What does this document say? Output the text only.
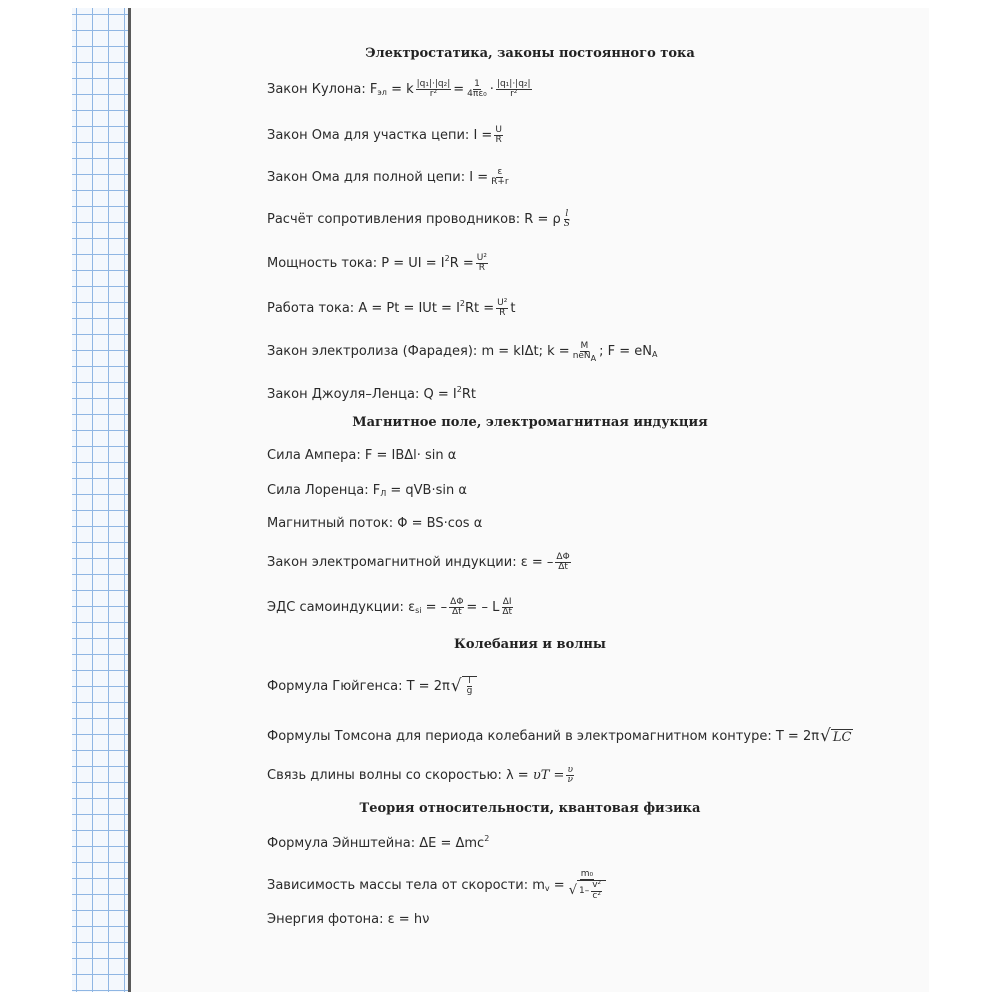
Электростатика, законы постоянного тока
Закон Кулона:
F эл
= k $\frac{\text{|q₁|·|q₂|}}{\text{r²}} = \frac{1}{\text{4πε₀}} \cdot \frac{\text{|q₁|·|q₂|}}{\text{r²}}$
Закон Ома для участка цепи:
$I = \frac{U}{R}$
Закон Ома для полной цепи:
$I = \frac{\varepsilon}{R+r}$
Расчёт сопротивления проводников:
R = ρ $\frac{l}{S}$
Мощность тока:
P = UI = I 2 $R = \frac{\text{U²}}{R}$
Работа тока:
A = Pt = IUt = I 2 $Rt = \frac{\text{U²}}{R}$ t
Закон электролиза (Фарадея):
m = kIΔt; $k = \frac{M}{\text{neNA}}$ ; F = eN A
Закон Джоуля–Ленца:
Q = I 2 Rt
Магнитное поле, электромагнитная индукция
Сила Ампера:
F = IBΔl· sin α
Сила Лоренца:
F Л
= qVB·sin α
Магнитный поток:
Φ = BS·cos α
Закон электромагнитной индукции:
ε = – $\frac{\Delta\Phi}{\Delta t}$
ЭДС самоиндукции:
ε si
= – $\frac{\Delta\Phi}{\Delta t}$ = – L $\frac{\Delta I}{\Delta t}$
Колебания и волны
Формула Гюйгенса:
T = 2π √ $\frac{l}{g}$
Формулы Томсона для периода колебаний в электромагнитном контуре:
T = 2π √ LC
Связь длины волны со скоростью:
λ =
$\upsilon T = \frac{\upsilon}{\nu}$
Теория относительности, квантовая физика
Формула Эйнштейна:
ΔE = Δmc 2
Зависимость массы тела от скорости:
m v
= $\frac{\text{m₀}}{√ 1- \frac{\text{v²}}{\text{c²}}}$
Энергия фотона:
ε = hν
